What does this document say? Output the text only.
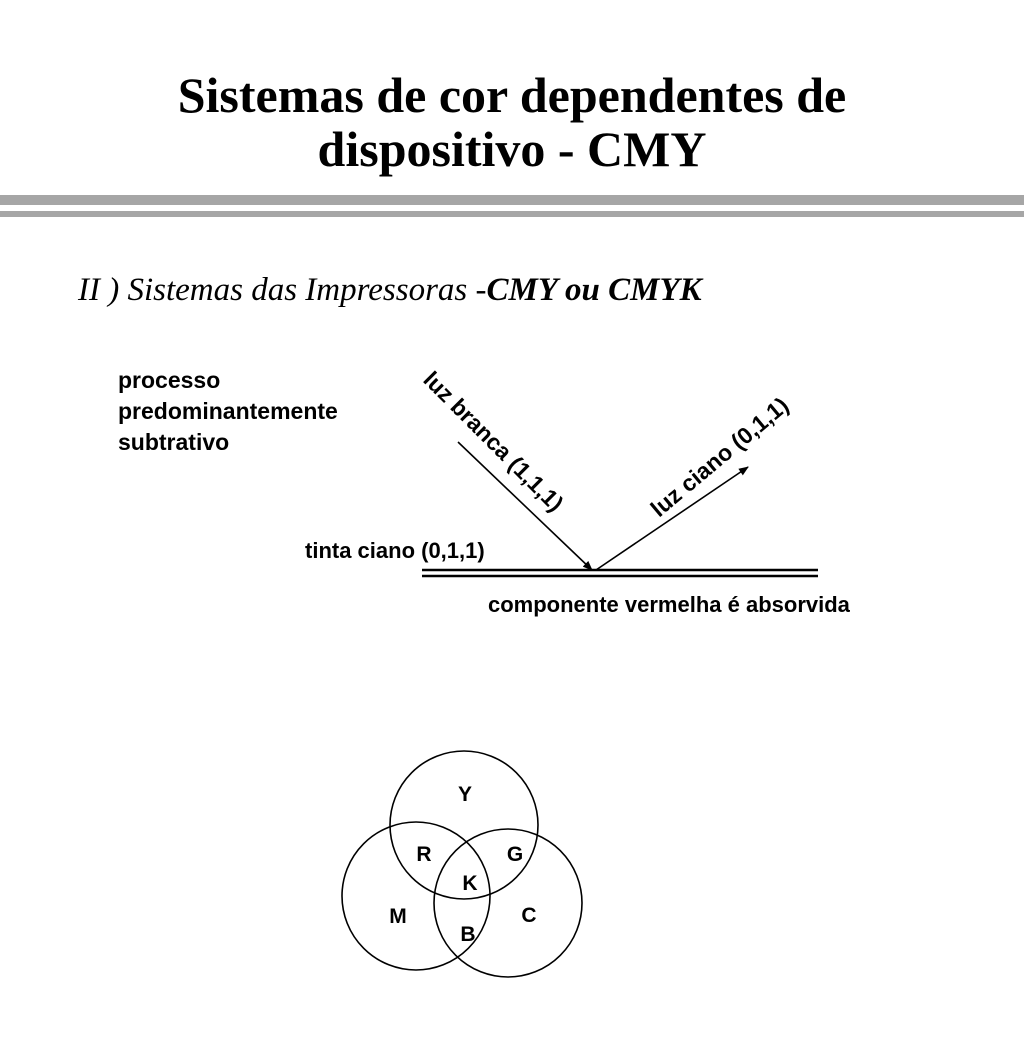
Sistemas de cor dependentes de
dispositivo - CMY
II ) Sistemas das Impressoras -CMY ou CMYK
processo
predominantemente
subtrativo	luz branca (1,1,1)	luz ciano (0,1,1)
tinta ciano (0,1,1)
componente vermelha é absorvida
Y
R	G
K
M	C
B
